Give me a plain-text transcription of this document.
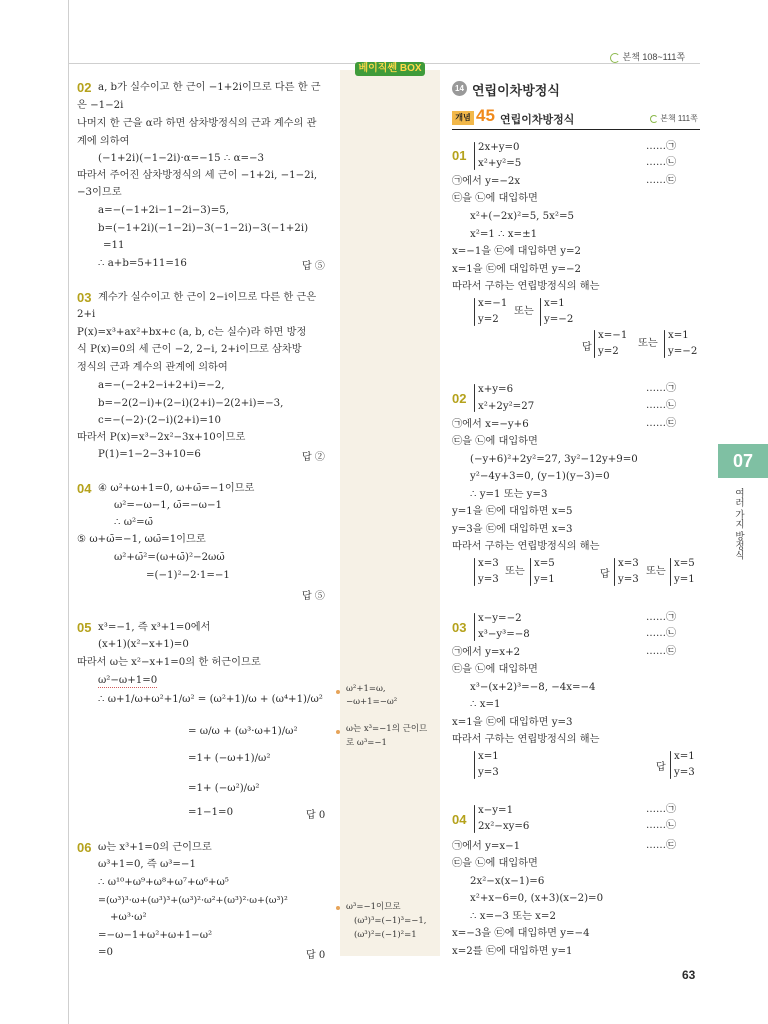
본책 108~111쪽
베이직쎈 BOX
07
여러 가지 방정식
63
02 a, b가 실수이고 한 근이 −1+2i이므로 다른 한 근
은 −1−2i
나머지 한 근을 α라 하면 삼차방정식의 근과 계수의 관
계에 의하여
(−1+2i)(−1−2i)·α=−15 ∴ α=−3
따라서 주어진 삼차방정식의 세 근이 −1+2i, −1−2i,
−3이므로
a=−(−1+2i−1−2i−3)=5,
b=(−1+2i)(−1−2i)−3(−1−2i)−3(−1+2i)
=11
∴ a+b=5+11=16	답 ⑤
03 계수가 실수이고 한 근이 2−i이므로 다른 한 근은
2+i
P(x)=x³+ax²+bx+c (a, b, c는 실수)라 하면 방정
식 P(x)=0의 세 근이 −2, 2−i, 2+i이므로 삼차방
정식의 근과 계수의 관계에 의하여
a=−(−2+2−i+2+i)=−2,
b=−2(2−i)+(2−i)(2+i)−2(2+i)=−3,
c=−(−2)·(2−i)(2+i)=10
따라서 P(x)=x³−2x²−3x+10이므로
P(1)=1−2−3+10=6	답 ②
04 ④ ω²+ω+1=0, ω+ω̄=−1이므로
ω²=−ω−1, ω̄=−ω−1
∴ ω²=ω̄
⑤ ω+ω̄=−1, ωω̄=1이므로
ω²+ω̄²=(ω+ω̄)²−2ωω̄
=(−1)²−2·1=−1
답 ⑤
05 x³=−1, 즉 x³+1=0에서
(x+1)(x²−x+1)=0
따라서 ω는 x²−x+1=0의 한 허근이므로
ω²−ω+1=0
∴ ω+1/ω+ω²+1/ω² = (ω²+1)/ω + (ω⁴+1)/ω²
= ω/ω + (ω³·ω+1)/ω²
=1+ (−ω+1)/ω²
=1+ (−ω²)/ω²
=1−1=0	답 0
06 ω는 x³+1=0의 근이므로
ω³+1=0, 즉 ω³=−1
∴ ω¹⁰+ω⁹+ω⁸+ω⁷+ω⁶+ω⁵
=(ω³)³·ω+(ω³)³+(ω³)²·ω²+(ω³)²·ω+(ω³)²
+ω³·ω²
=−ω−1+ω²+ω+1−ω²
=0	답 0
ω²+1=ω,
−ω+1=−ω²
ω는 x³=−1의 근이므
로 ω³=−1
ω³=−1이므로
(ω³)³=(−1)³=−1,
(ω³)²=(−1)²=1
14 연립이차방정식
개념 45 연립이차방정식	본책 111쪽
01
2x+y=0
x²+y²=5
……㉠
……㉡
㉠에서 y=−2x	……㉢
㉢을 ㉡에 대입하면
x²+(−2x)²=5, 5x²=5
x²=1 ∴ x=±1
x=−1을 ㉢에 대입하면 y=2
x=1을 ㉢에 대입하면 y=−2
따라서 구하는 연립방정식의 해는
x=−1
y=2
또는
x=1
y=−2
답
x=−1
y=2
또는
x=1
y=−2
02
x+y=6
x²+2y²=27
……㉠
……㉡
㉠에서 x=−y+6	……㉢
㉢을 ㉡에 대입하면
(−y+6)²+2y²=27, 3y²−12y+9=0
y²−4y+3=0, (y−1)(y−3)=0
∴ y=1 또는 y=3
y=1을 ㉢에 대입하면 x=5
y=3을 ㉢에 대입하면 x=3
따라서 구하는 연립방정식의 해는
x=3
y=3
또는
x=5
y=1	답
x=3
y=3
또는
x=5
y=1
03
x−y=−2
x³−y³=−8
……㉠
……㉡
㉠에서 y=x+2	……㉢
㉢을 ㉡에 대입하면
x³−(x+2)³=−8, −4x=−4
∴ x=1
x=1을 ㉢에 대입하면 y=3
따라서 구하는 연립방정식의 해는
x=1
y=3	답
x=1
y=3
04
x−y=1
2x²−xy=6
……㉠
……㉡
㉠에서 y=x−1	……㉢
㉢을 ㉡에 대입하면
2x²−x(x−1)=6
x²+x−6=0, (x+3)(x−2)=0
∴ x=−3 또는 x=2
x=−3을 ㉢에 대입하면 y=−4
x=2를 ㉢에 대입하면 y=1
